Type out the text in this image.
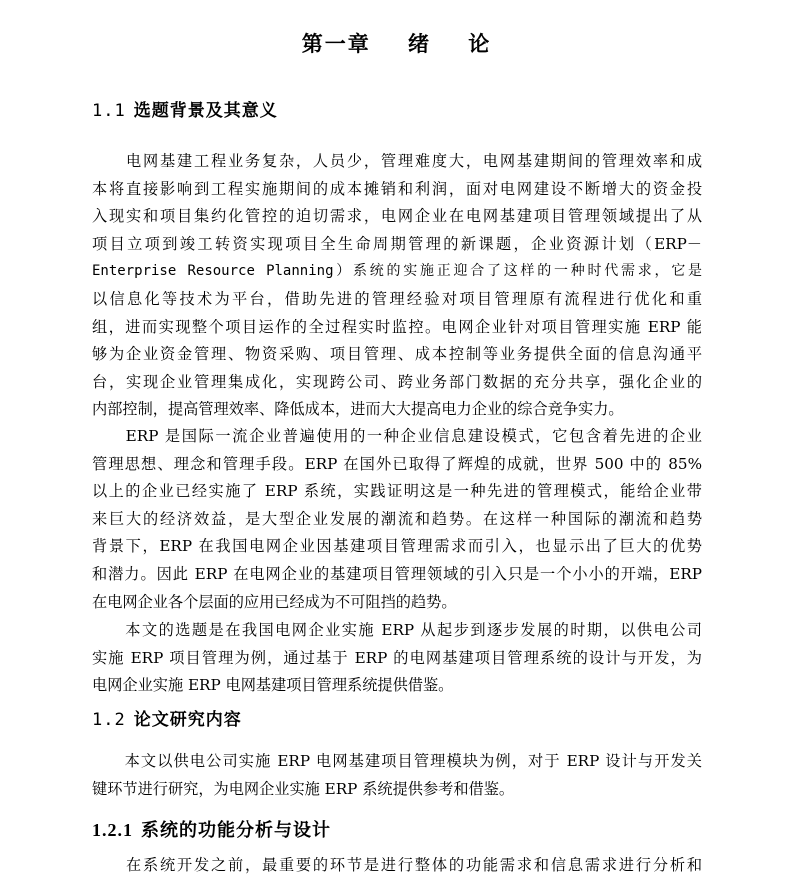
第一章    绪    论
1.1 选题背景及其意义
　　电网基建工程业务复杂，人员少，管理难度大，电网基建期间的管理效率和成
本将直接影响到工程实施期间的成本摊销和利润，面对电网建设不断增大的资金投
入现实和项目集约化管控的迫切需求，电网企业在电网基建项目管理领域提出了从
项目立项到竣工转资实现项目全生命周期管理的新课题，企业资源计划（ERP－
Enterprise Resource Planning）系统的实施正迎合了这样的一种时代需求，它是
以信息化等技术为平台，借助先进的管理经验对项目管理原有流程进行优化和重
组，进而实现整个项目运作的全过程实时监控。电网企业针对项目管理实施 ERP 能
够为企业资金管理、物资采购、项目管理、成本控制等业务提供全面的信息沟通平
台，实现企业管理集成化，实现跨公司、跨业务部门数据的充分共享，强化企业的
内部控制，提高管理效率、降低成本，进而大大提高电力企业的综合竞争实力。
　　ERP 是国际一流企业普遍使用的一种企业信息建设模式，它包含着先进的企业
管理思想、理念和管理手段。ERP 在国外已取得了辉煌的成就，世界 500 中的 85%
以上的企业已经实施了 ERP 系统，实践证明这是一种先进的管理模式，能给企业带
来巨大的经济效益，是大型企业发展的潮流和趋势。在这样一种国际的潮流和趋势
背景下，ERP 在我国电网企业因基建项目管理需求而引入，也显示出了巨大的优势
和潜力。因此 ERP 在电网企业的基建项目管理领域的引入只是一个小小的开端，ERP
在电网企业各个层面的应用已经成为不可阻挡的趋势。
　　本文的选题是在我国电网企业实施 ERP 从起步到逐步发展的时期，以供电公司
实施 ERP 项目管理为例，通过基于 ERP 的电网基建项目管理系统的设计与开发，为
电网企业实施 ERP 电网基建项目管理系统提供借鉴。
1.2 论文研究内容
　　本文以供电公司实施 ERP 电网基建项目管理模块为例，对于 ERP 设计与开发关
键环节进行研究，为电网企业实施 ERP 系统提供参考和借鉴。
1.2.1 系统的功能分析与设计
　　在系统开发之前，最重要的环节是进行整体的功能需求和信息需求进行分析和
